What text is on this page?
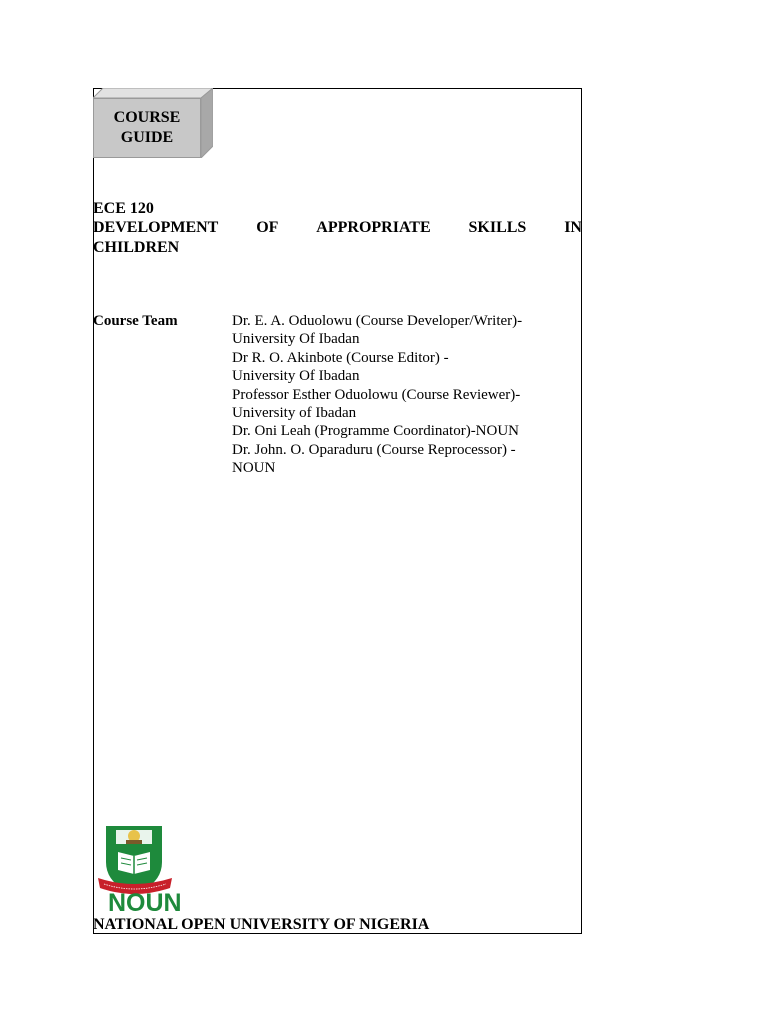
COURSE
GUIDE
ECE 120
DEVELOPMENT OF APPROPRIATE SKILLS IN
CHILDREN
Course Team	Dr. E. A. Oduolowu (Course Developer/Writer)-
University Of Ibadan
Dr R. O. Akinbote (Course Editor) -
University Of Ibadan
Professor Esther Oduolowu (Course Reviewer)-
University of Ibadan
Dr. Oni Leah (Programme Coordinator)-NOUN
Dr. John. O. Oparaduru (Course Reprocessor) -
NOUN
NOUN
NATIONAL OPEN UNIVERSITY OF NIGERIA
